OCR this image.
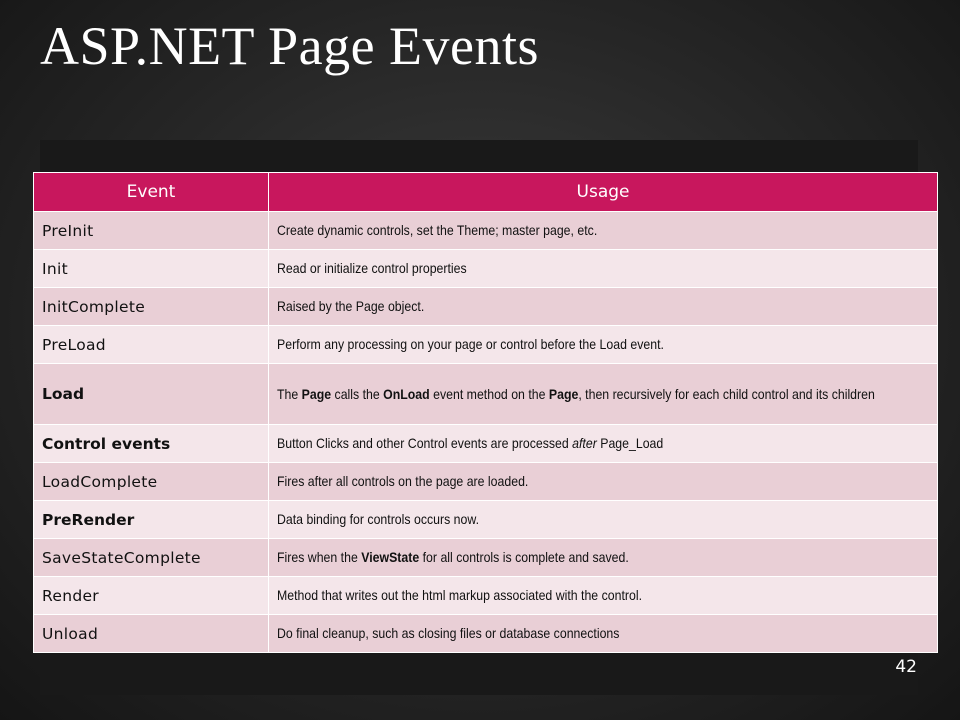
ASP.NET Page Events
Event	Usage
PreInit	Create dynamic controls, set the Theme; master page, etc.
Init	Read or initialize control properties
InitComplete	Raised by the Page object.
PreLoad	Perform any processing on your page or control before the Load event.
Load	The Page calls the OnLoad event method on the Page, then recursively for each child control and its children
Control events	Button Clicks and other Control events are processed after Page_Load
LoadComplete	Fires after all controls on the page are loaded.
PreRender	Data binding for controls occurs now.
SaveStateComplete	Fires when the ViewState for all controls is complete and saved.
Render	Method that writes out the html markup associated with the control.
Unload	Do final cleanup, such as closing files or database connections
42
